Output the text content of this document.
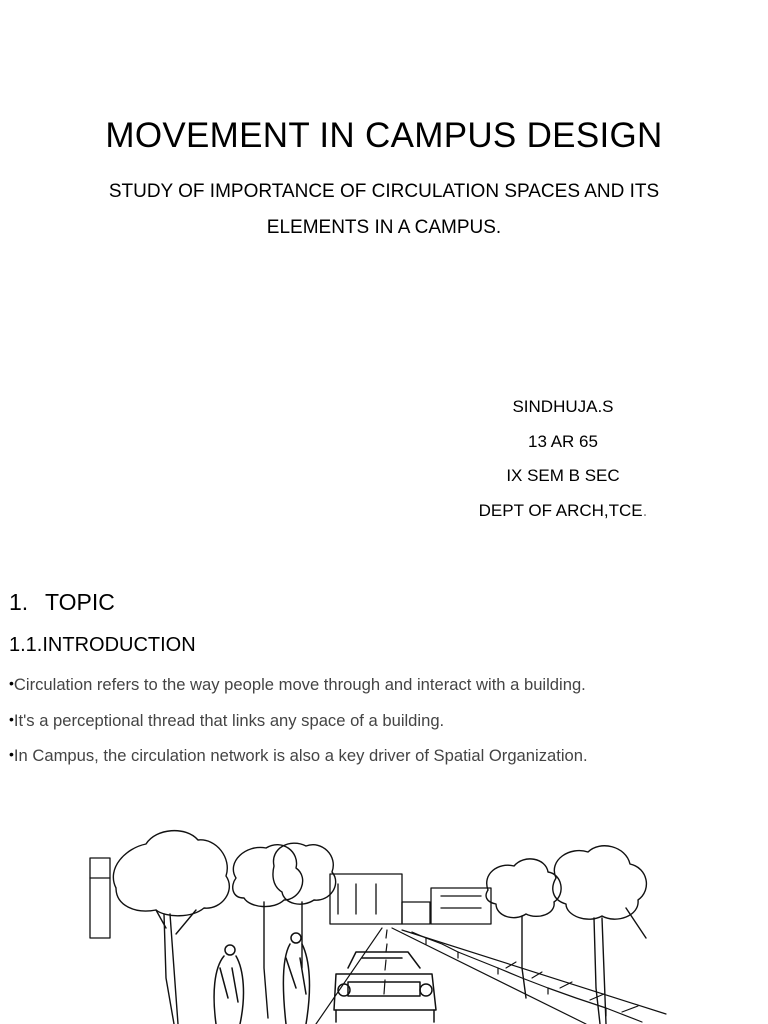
MOVEMENT IN CAMPUS DESIGN
STUDY OF IMPORTANCE OF CIRCULATION SPACES AND ITS
ELEMENTS IN A CAMPUS.
SINDHUJA.S
13 AR 65
IX SEM B SEC
DEPT OF ARCH,TCE.
1. TOPIC
1.1.INTRODUCTION
•Circulation refers to the way people move through and interact with a building.
•It's a perceptional thread that links any space of a building.
•In Campus, the circulation network is also a key driver of Spatial Organization.
